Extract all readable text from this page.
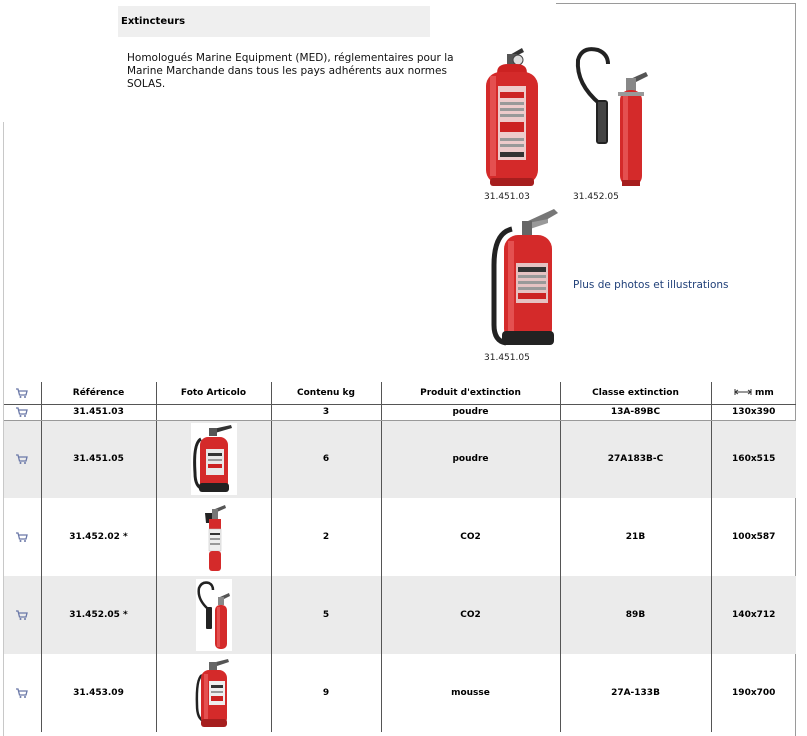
Extincteurs
Homologués Marine Equipment (MED), réglementaires pour la Marine Marchande dans tous les pays adhérents aux normes SOLAS.
31.451.03	31.452.05
31.451.05
Plus de photos et illustrations
	Référence	Foto Articolo	Contenu kg	Produit d'extinction	Classe extinction	mm
	31.451.03		3	poudre	13A-89BC	130x390
	31.451.05		6	poudre	27A183B-C	160x515
	31.452.02 *		2	CO2	21B	100x587
	31.452.05 *		5	CO2	89B	140x712
	31.453.09		9	mousse	27A-133B	190x700
